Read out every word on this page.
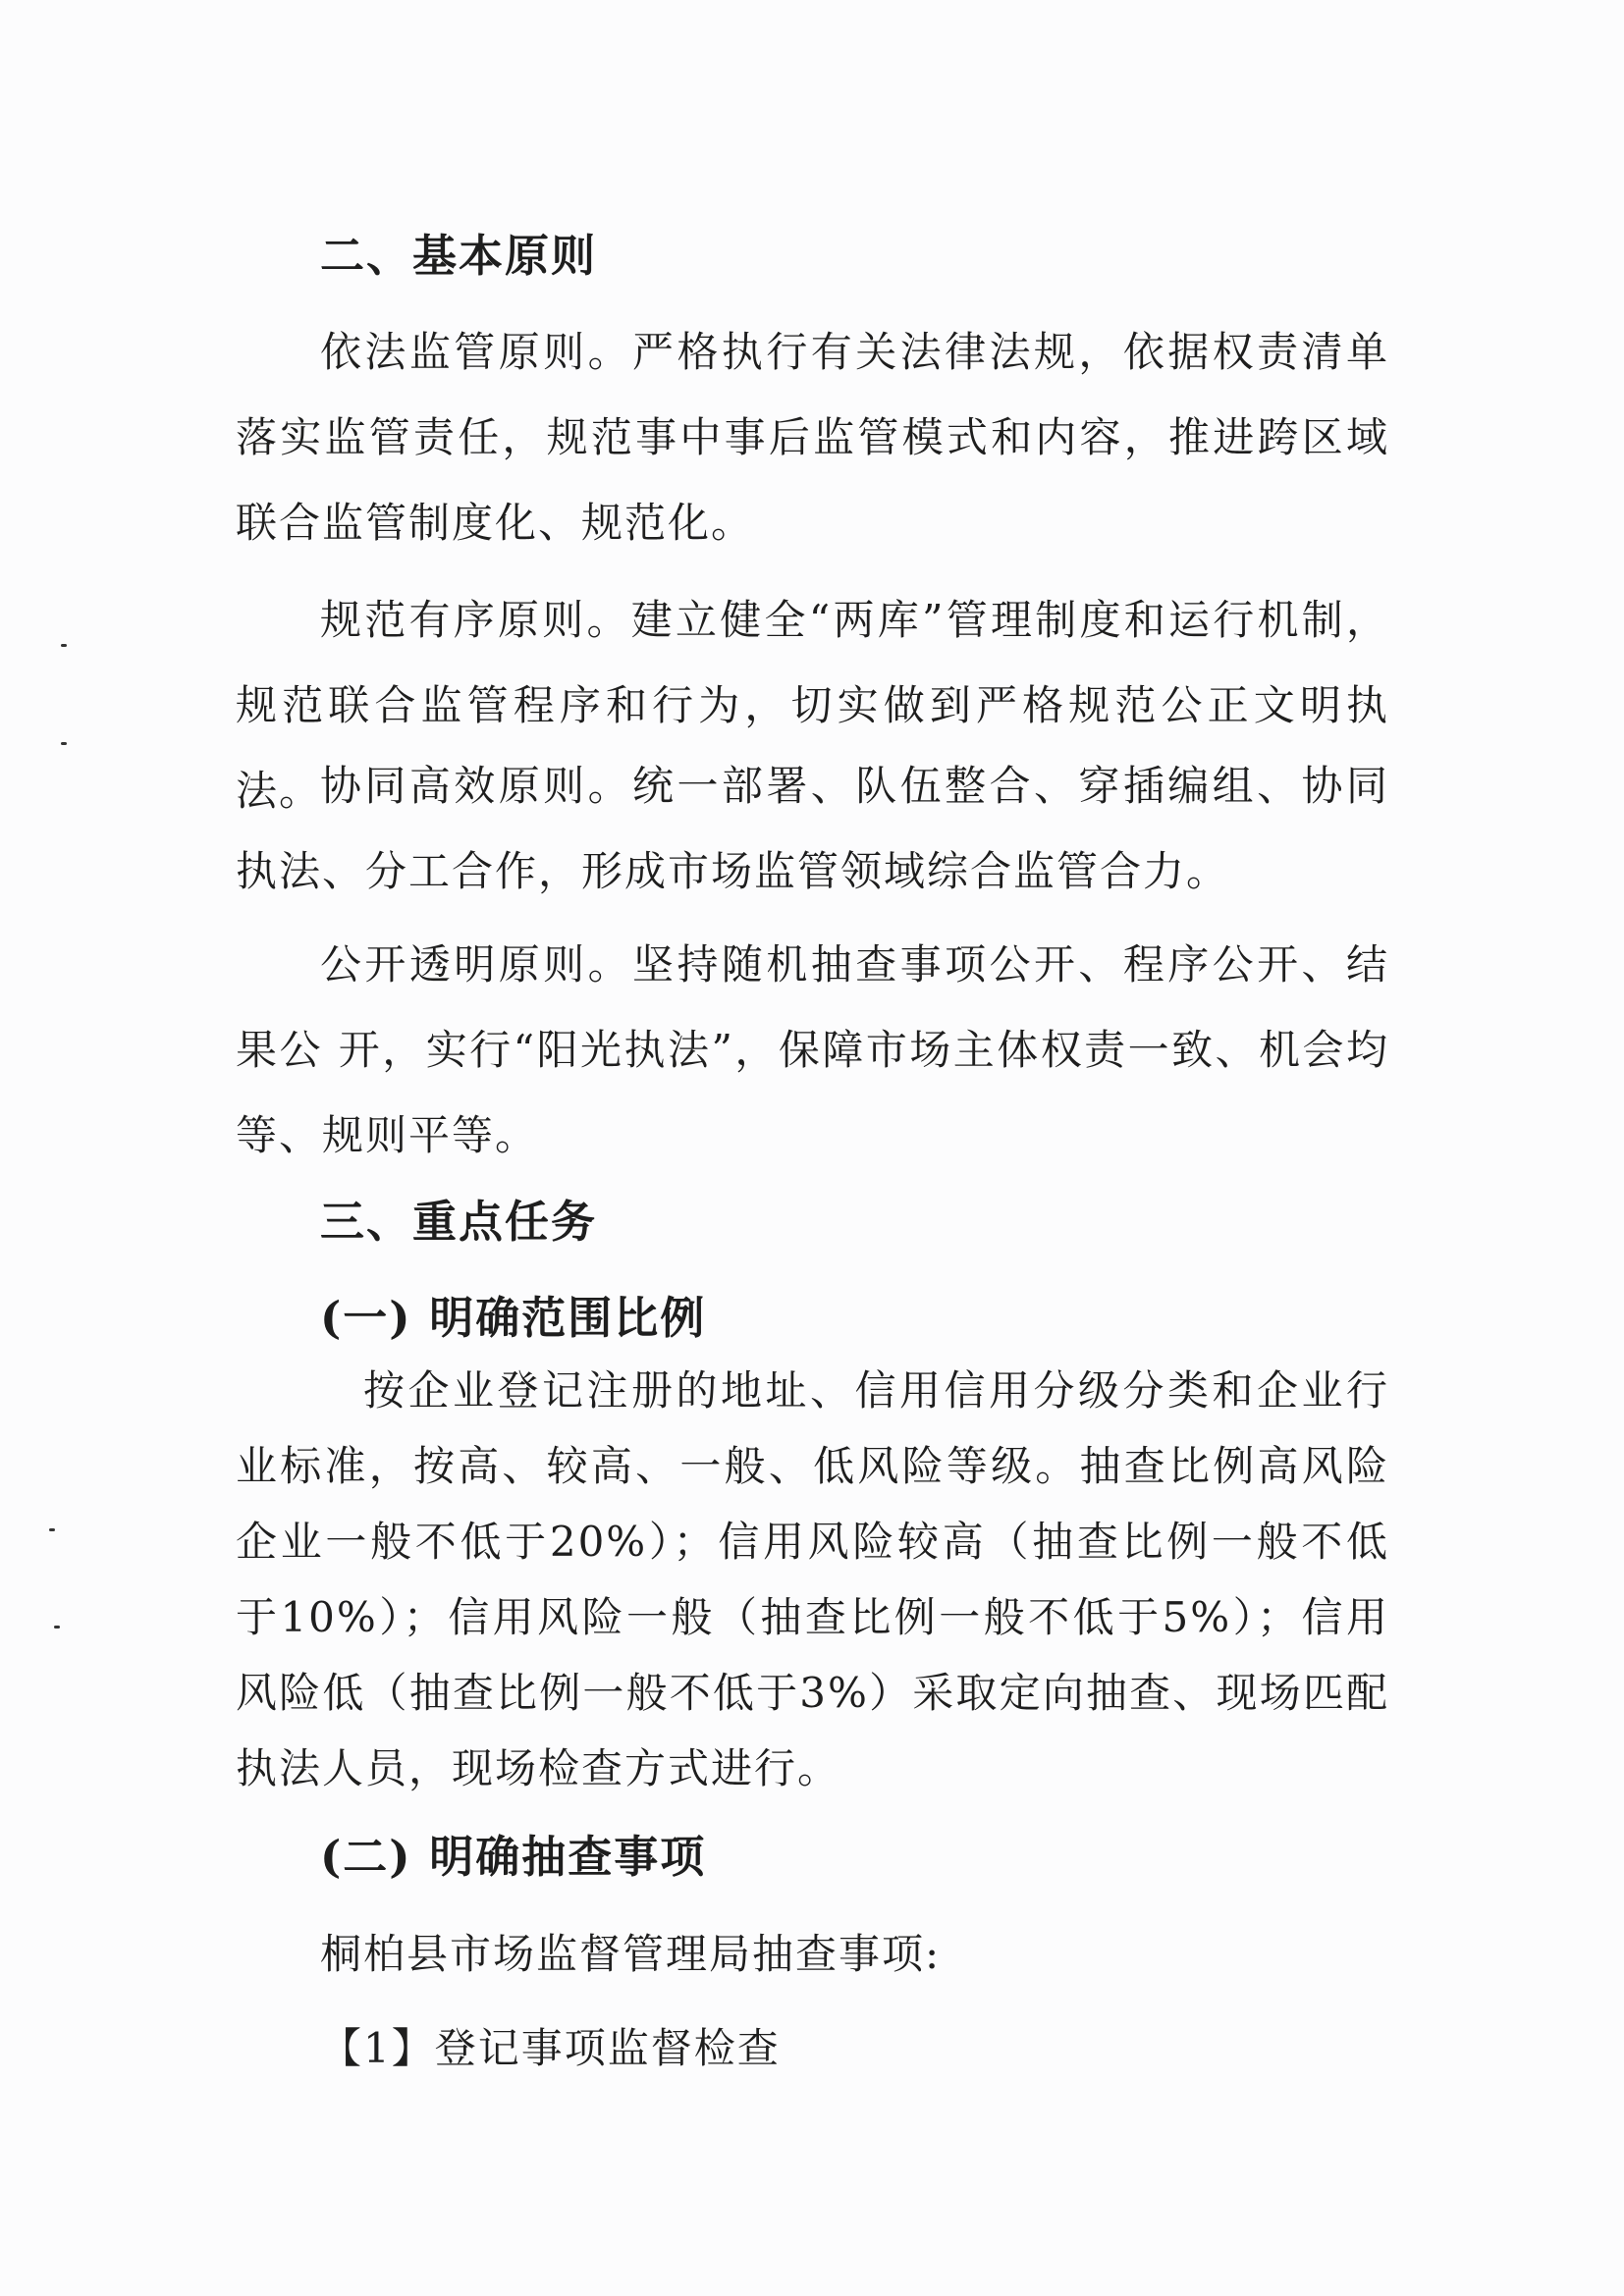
二、基本原则
依法监管原则。严格执行有关法律法规，依据权责清单落实监管责任，规范事中事后监管模式和内容，推进跨区域联合监管制度化、规范化。
规范有序原则。建立健全“两库”管理制度和运行机制，规范联合监管程序和行为，切实做到严格规范公正文明执法。
协同高效原则。统一部署、队伍整合、穿插编组、协同执法、分工合作，形成市场监管领域综合监管合力。
公开透明原则。坚持随机抽查事项公开、程序公开、结果公 开，实行“阳光执法”，保障市场主体权责一致、机会均等、规则平等。
三、重点任务
(一) 明确范围比例
按企业登记注册的地址、信用信用分级分类和企业行业标准，按高、较高、一般、低风险等级。抽查比例高风险企业一般不低于20%）；信用风险较高（抽查比例一般不低于10%）；信用风险一般（抽查比例一般不低于5%）；信用风险低（抽查比例一般不低于3%）采取定向抽查、现场匹配执法人员，现场检查方式进行。
(二) 明确抽查事项
桐柏县市场监督管理局抽查事项:
【1】登记事项监督检查
